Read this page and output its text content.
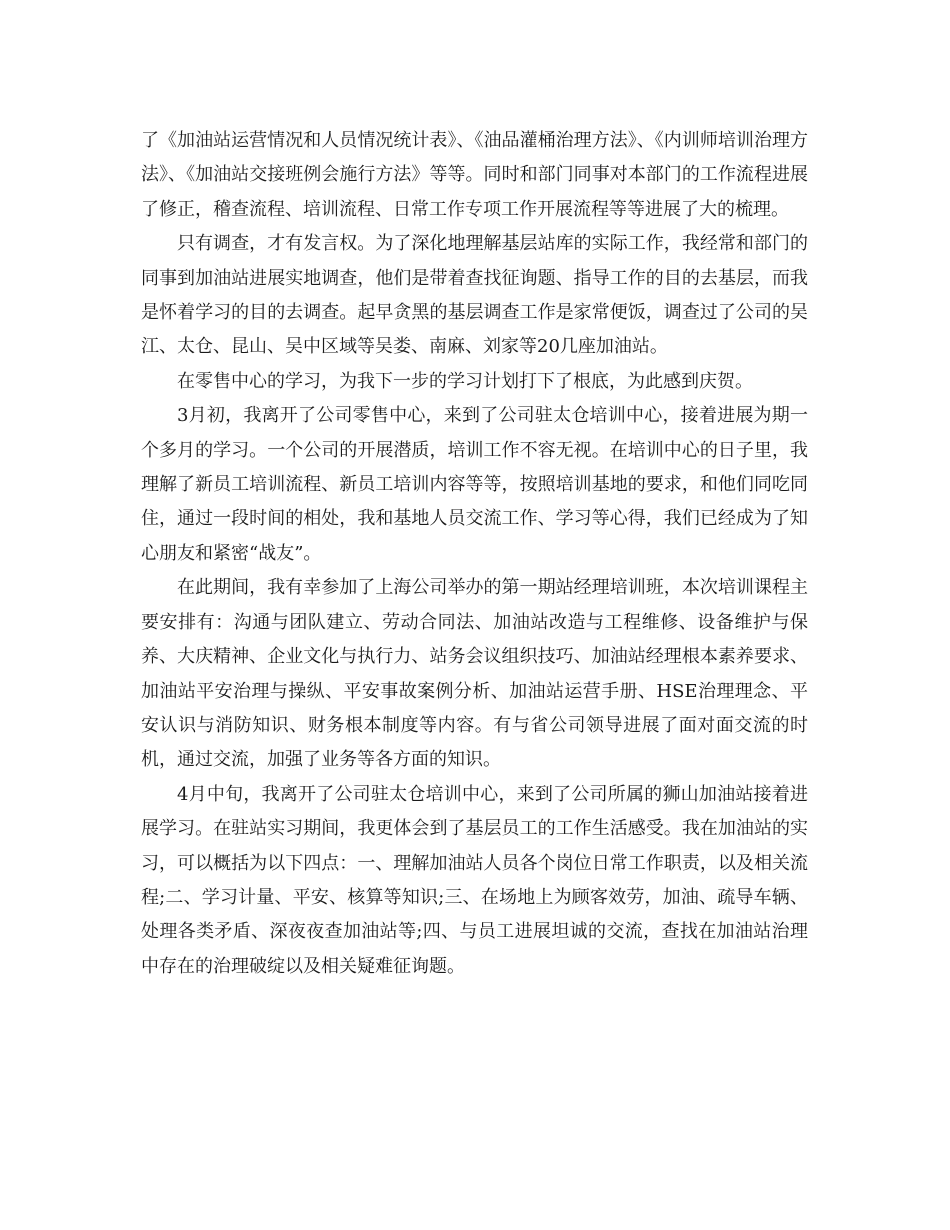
了《加油站运营情况和人员情况统计表》、《油品灌桶治理方法》、《内训师培训治理方法》、《加油站交接班例会施行方法》等等。同时和部门同事对本部门的工作流程进展了修正，稽查流程、培训流程、日常工作专项工作开展流程等等进展了大的梳理。

只有调查，才有发言权。为了深化地理解基层站库的实际工作，我经常和部门的同事到加油站进展实地调查，他们是带着查找征询题、指导工作的目的去基层，而我是怀着学习的目的去调查。起早贪黑的基层调查工作是家常便饭，调查过了公司的吴江、太仓、昆山、吴中区域等吴娄、南麻、刘家等20几座加油站。

在零售中心的学习，为我下一步的学习计划打下了根底，为此感到庆贺。

3月初，我离开了公司零售中心，来到了公司驻太仓培训中心，接着进展为期一个多月的学习。一个公司的开展潜质，培训工作不容无视。在培训中心的日子里，我理解了新员工培训流程、新员工培训内容等等，按照培训基地的要求，和他们同吃同住，通过一段时间的相处，我和基地人员交流工作、学习等心得，我们已经成为了知心朋友和紧密“战友”。

在此期间，我有幸参加了上海公司举办的第一期站经理培训班，本次培训课程主要安排有：沟通与团队建立、劳动合同法、加油站改造与工程维修、设备维护与保养、大庆精神、企业文化与执行力、站务会议组织技巧、加油站经理根本素养要求、加油站平安治理与操纵、平安事故案例分析、加油站运营手册、HSE治理理念、平安认识与消防知识、财务根本制度等内容。有与省公司领导进展了面对面交流的时机，通过交流，加强了业务等各方面的知识。

4月中旬，我离开了公司驻太仓培训中心，来到了公司所属的狮山加油站接着进展学习。在驻站实习期间，我更体会到了基层员工的工作生活感受。我在加油站的实习，可以概括为以下四点：一、理解加油站人员各个岗位日常工作职责，以及相关流程;二、学习计量、平安、核算等知识;三、在场地上为顾客效劳，加油、疏导车辆、处理各类矛盾、深夜夜查加油站等;四、与员工进展坦诚的交流，查找在加油站治理中存在的治理破绽以及相关疑难征询题。
